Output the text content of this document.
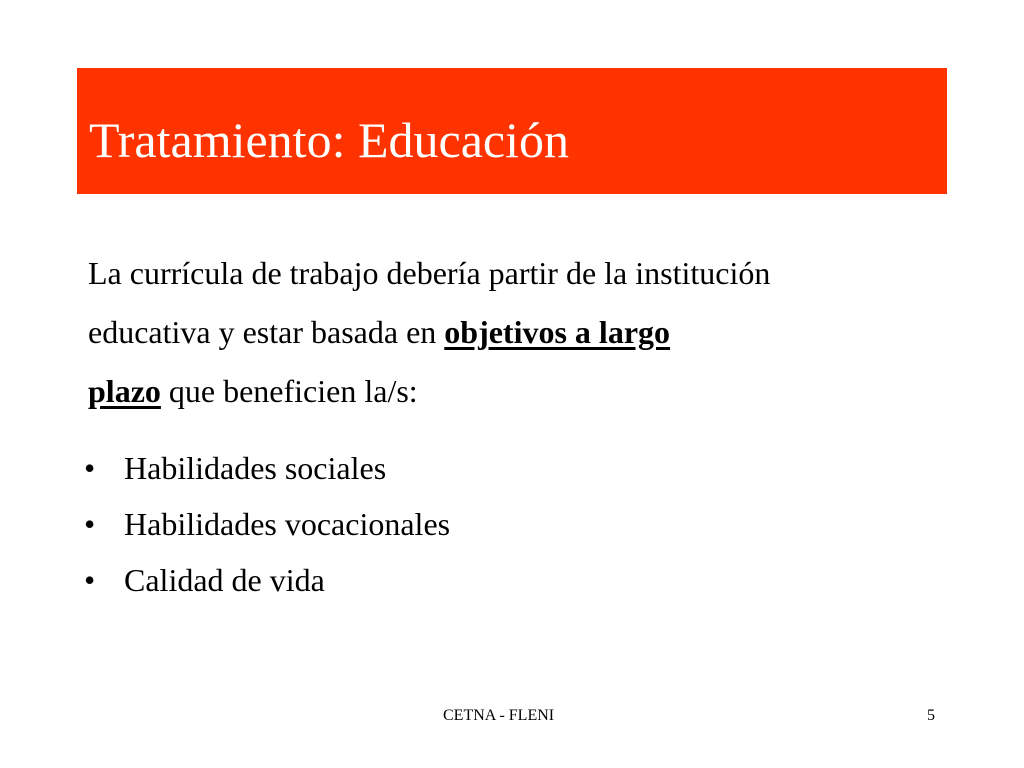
Tratamiento: Educación
La currícula de trabajo debería partir de la institución
educativa y estar basada en objetivos a largo
plazo que beneficien la/s:
• Habilidades sociales
• Habilidades vocacionales
• Calidad de vida
CETNA - FLENI	5
